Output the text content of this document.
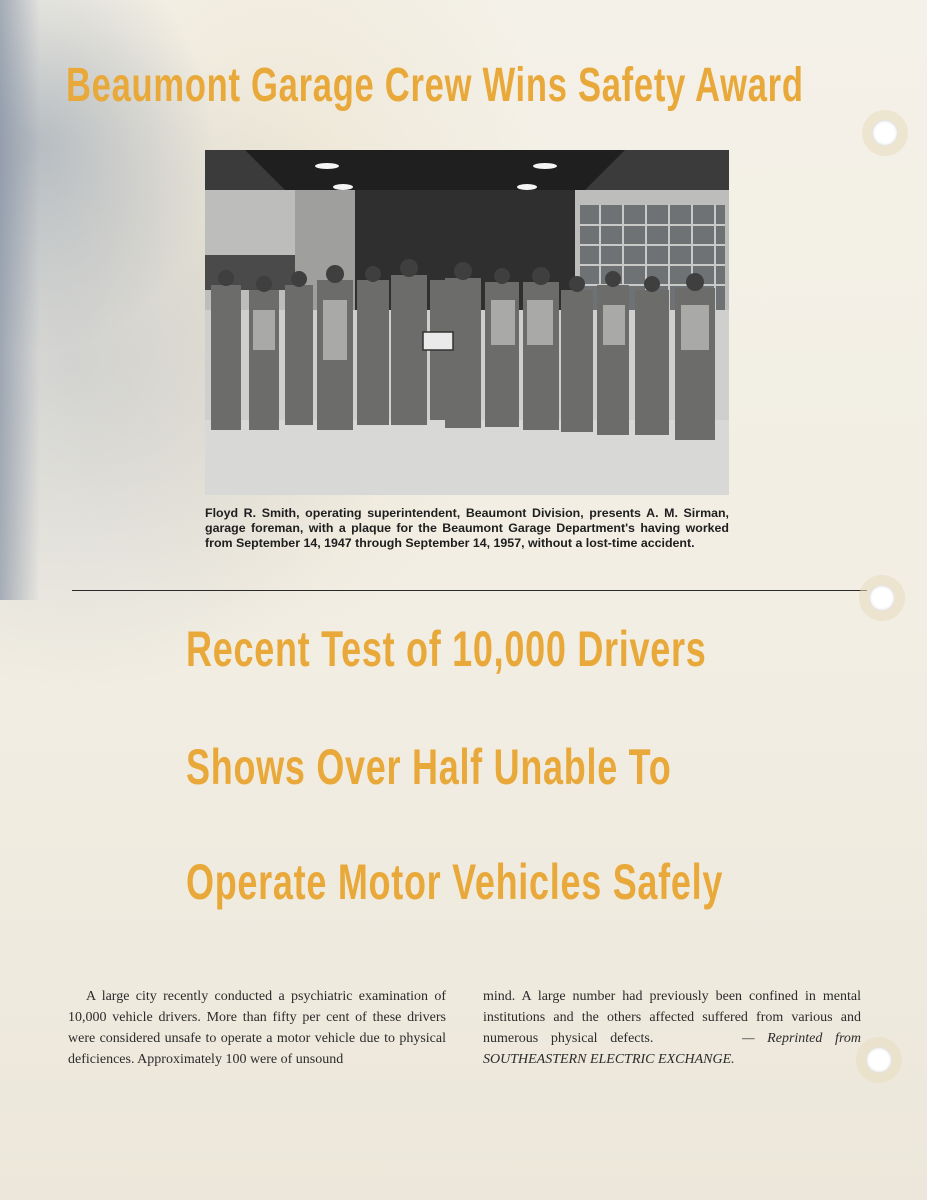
Beaumont Garage Crew Wins Safety Award

Floyd R. Smith, operating superintendent, Beaumont Division, presents A. M. Sirman, garage foreman, with a plaque for the Beaumont Garage Department's having worked from September 14, 1947 through September 14, 1957, without a lost-time accident.

Recent Test of 10,000 Drivers
Shows Over Half Unable To
Operate Motor Vehicles Safely

A large city recently conducted a psychiatric examination of 10,000 vehicle drivers. More than fifty per cent of these drivers were considered unsafe to operate a motor vehicle due to physical deficiences. Approximately 100 were of unsound

mind. A large number had previously been confined in mental institutions and the others affected suffered from various and numerous physical defects.	— Reprinted from SOUTHEASTERN ELECTRIC EXCHANGE.
